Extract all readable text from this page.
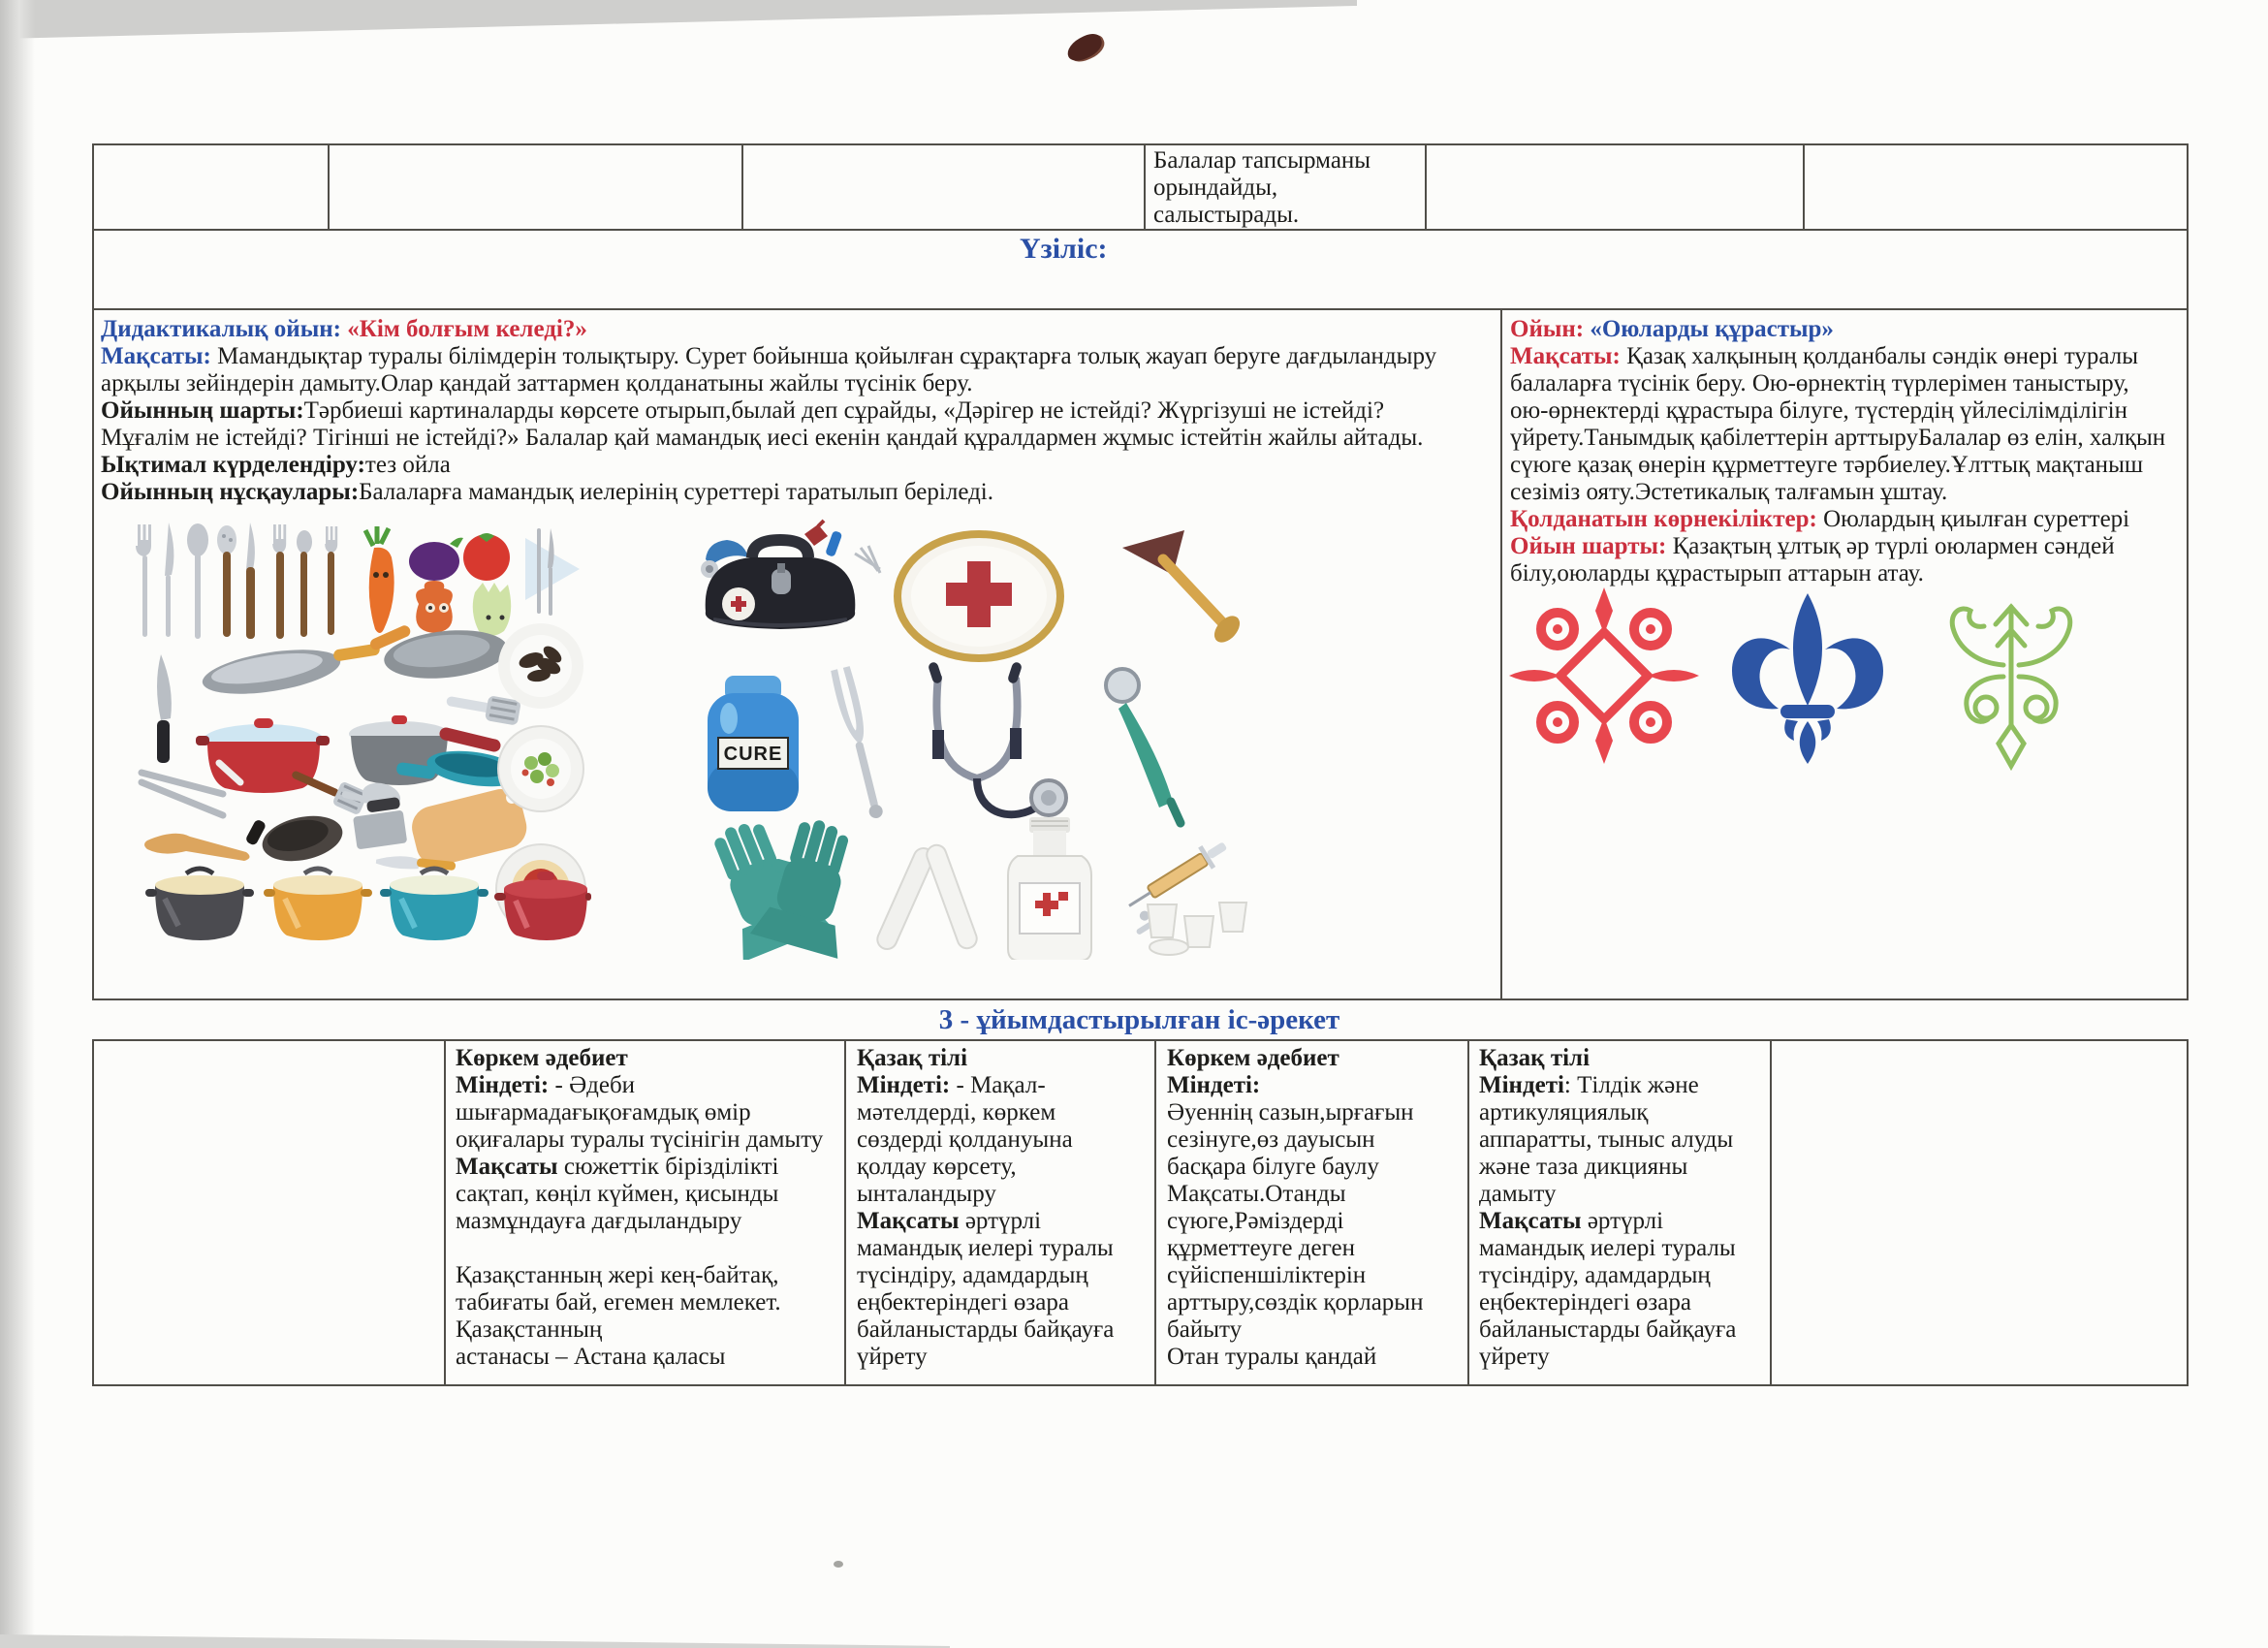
Балалар тапсырманы орындайды, салыстырады.

Үзіліс:

Дидактикалық ойын: «Кім болғым келеді?»

Мақсаты: Мамандықтар туралы білімдерін толықтыру. Сурет бойынша қойылған сұрақтарға толық жауап беруге дағдыландыру арқылы зейіндерін дамыту.Олар қандай заттармен қолданатыны жайлы түсінік беру.

Ойынның шарты:Тәрбиеші картиналарды көрсете отырып,былай деп сұрайды, «Дәрігер не істейді? Жүргізуші не істейді? Мұғалім не істейді? Тігінші не істейді?» Балалар қай мамандық иесі екенін қандай құралдармен жұмыс істейтін жайлы айтады.

Ықтимал күрделендіру:тез ойла

Ойынның нұсқаулары:Балаларға мамандық иелерінің суреттері таратылып беріледі.

Ойын: «Оюларды құрастыр»

Мақсаты: Қазақ халқының қолданбалы сәндік өнері туралы балаларға түсінік беру. Ою-өрнектің түрлерімен таныстыру, ою-өрнектерді құрастыра білуге, түстердің үйлесілімділігін үйрету.Танымдық қабілеттерін арттыруБалалар өз елін, халқын сүюге қазақ өнерін құрметтеуге тәрбиелеу.Ұлттық мақтаныш сезіміз ояту.Эстетикалық талғамын ұштау.

Қолданатын көрнекіліктер: Оюлардың қиылған суреттері

Ойын шарты: Қазақтың ұлтық әр түрлі оюлармен сәндей білу,оюларды құрастырып аттарын атау.

CURE
3 - ұйымдастырылған іс-әрекет

Көркем әдебиет

Міндеті: - Әдеби шығармадағықоғамдық өмір оқиғалары туралы түсінігін дамыту

Мақсаты сюжеттік бірізділікті сақтап, көңіл күймен, қисынды мазмұндауға дағдыландыру

Қазақстанның жері кең-байтақ, табиғаты бай, егемен мемлекет. Қазақстанның

астанасы – Астана қаласы

Қазақ тілі

Міндеті: - Мақал-мәтелдерді, көркем сөздерді қолдануына қолдау көрсету, ынталандыру

Мақсаты әртүрлі мамандық иелері туралы түсіндіру, адамдардың еңбектеріндегі өзара байланыстарды байқауға үйрету

Көркем әдебиет

Міндеті:

Әуеннің сазын,ырғағын сезінуге,өз дауысын басқара білуге баулу Мақсаты.Отанды сүюге,Рәміздерді құрметтеуге деген сүйіспеншіліктерін арттыру,сөздік қорларын байыту

Отан туралы қандай

Қазақ тілі

Міндеті: Тілдік және артикуляциялық аппаратты, тыныс алуды және таза дикцияны дамыту

Мақсаты әртүрлі мамандық иелері туралы түсіндіру, адамдардың еңбектеріндегі өзара байланыстарды байқауға үйрету
